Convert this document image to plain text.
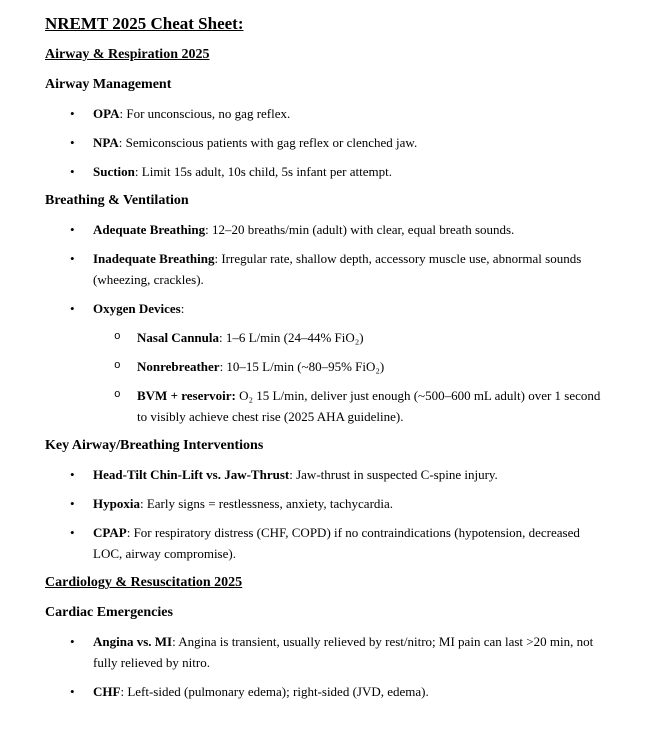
NREMT 2025 Cheat Sheet:
Airway & Respiration 2025
Airway Management
• OPA: For unconscious, no gag reflex.
• NPA: Semiconscious patients with gag reflex or clenched jaw.
• Suction: Limit 15s adult, 10s child, 5s infant per attempt.
Breathing & Ventilation
• Adequate Breathing: 12–20 breaths/min (adult) with clear, equal breath sounds.
• Inadequate Breathing: Irregular rate, shallow depth, accessory muscle use, abnormal sounds (wheezing, crackles).
• Oxygen Devices:
o Nasal Cannula: 1–6 L/min (24–44% FiO₂)
o Nonrebreather: 10–15 L/min (~80–95% FiO₂)
o BVM + reservoir: O₂ 15 L/min, deliver just enough (~500–600 mL adult) over 1 second to visibly achieve chest rise (2025 AHA guideline).
Key Airway/Breathing Interventions
• Head-Tilt Chin-Lift vs. Jaw-Thrust: Jaw-thrust in suspected C-spine injury.
• Hypoxia: Early signs = restlessness, anxiety, tachycardia.
• CPAP: For respiratory distress (CHF, COPD) if no contraindications (hypotension, decreased LOC, airway compromise).
Cardiology & Resuscitation 2025
Cardiac Emergencies
• Angina vs. MI: Angina is transient, usually relieved by rest/nitro; MI pain can last >20 min, not fully relieved by nitro.
• CHF: Left-sided (pulmonary edema); right-sided (JVD, edema).
